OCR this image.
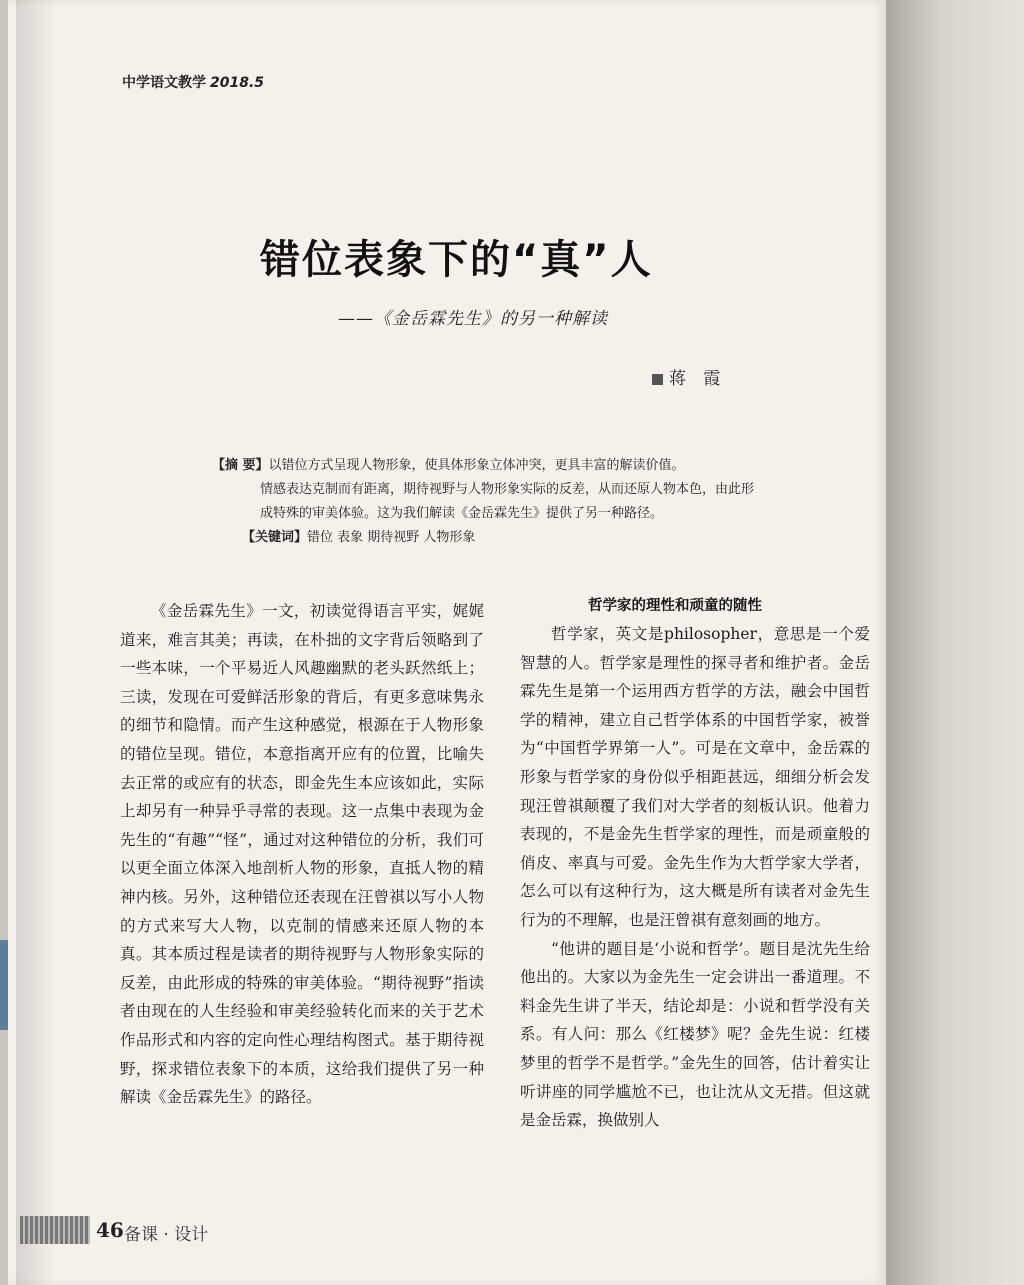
中学语文教学 2018.5
错位表象下的“真”人
——《金岳霖先生》的另一种解读
蒋 霞
【摘 要】以错位方式呈现人物形象，使具体形象立体冲突，更具丰富的解读价值。
情感表达克制而有距离，期待视野与人物形象实际的反差，从而还原人物本色，由此形
成特殊的审美体验。这为我们解读《金岳霖先生》提供了另一种路径。
【关键词】错位 表象 期待视野 人物形象

《金岳霖先生》一文，初读觉得语言平实，娓娓道来，难言其美；再读，在朴拙的文字背后领略到了一些本味，一个平易近人风趣幽默的老头跃然纸上；三读，发现在可爱鲜活形象的背后，有更多意味隽永的细节和隐情。而产生这种感觉，根源在于人物形象的错位呈现。错位，本意指离开应有的位置，比喻失去正常的或应有的状态，即金先生本应该如此，实际上却另有一种异乎寻常的表现。这一点集中表现为金先生的“有趣”“怪”，通过对这种错位的分析，我们可以更全面立体深入地剖析人物的形象，直抵人物的精神内核。另外，这种错位还表现在汪曾祺以写小人物的方式来写大人物，以克制的情感来还原人物的本真。其本质过程是读者的期待视野与人物形象实际的反差，由此形成的特殊的审美体验。“期待视野”指读者由现在的人生经验和审美经验转化而来的关于艺术作品形式和内容的定向性心理结构图式。基于期待视野，探求错位表象下的本质，这给我们提供了另一种解读《金岳霖先生》的路径。

哲学家的理性和顽童的随性

哲学家，英文是philosopher，意思是一个爱智慧的人。哲学家是理性的探寻者和维护者。金岳霖先生是第一个运用西方哲学的方法，融会中国哲学的精神，建立自己哲学体系的中国哲学家，被誉为“中国哲学界第一人”。可是在文章中，金岳霖的形象与哲学家的身份似乎相距甚远，细细分析会发现汪曾祺颠覆了我们对大学者的刻板认识。他着力表现的，不是金先生哲学家的理性，而是顽童般的俏皮、率真与可爱。金先生作为大哲学家大学者，怎么可以有这种行为，这大概是所有读者对金先生行为的不理解，也是汪曾祺有意刻画的地方。

“他讲的题目是‘小说和哲学’。题目是沈先生给他出的。大家以为金先生一定会讲出一番道理。不料金先生讲了半天，结论却是：小说和哲学没有关系。有人问：那么《红楼梦》呢？金先生说：红楼梦里的哲学不是哲学。”金先生的回答，估计着实让听讲座的同学尴尬不已，也让沈从文无措。但这就是金岳霖，换做别人

46 备课 · 设计
